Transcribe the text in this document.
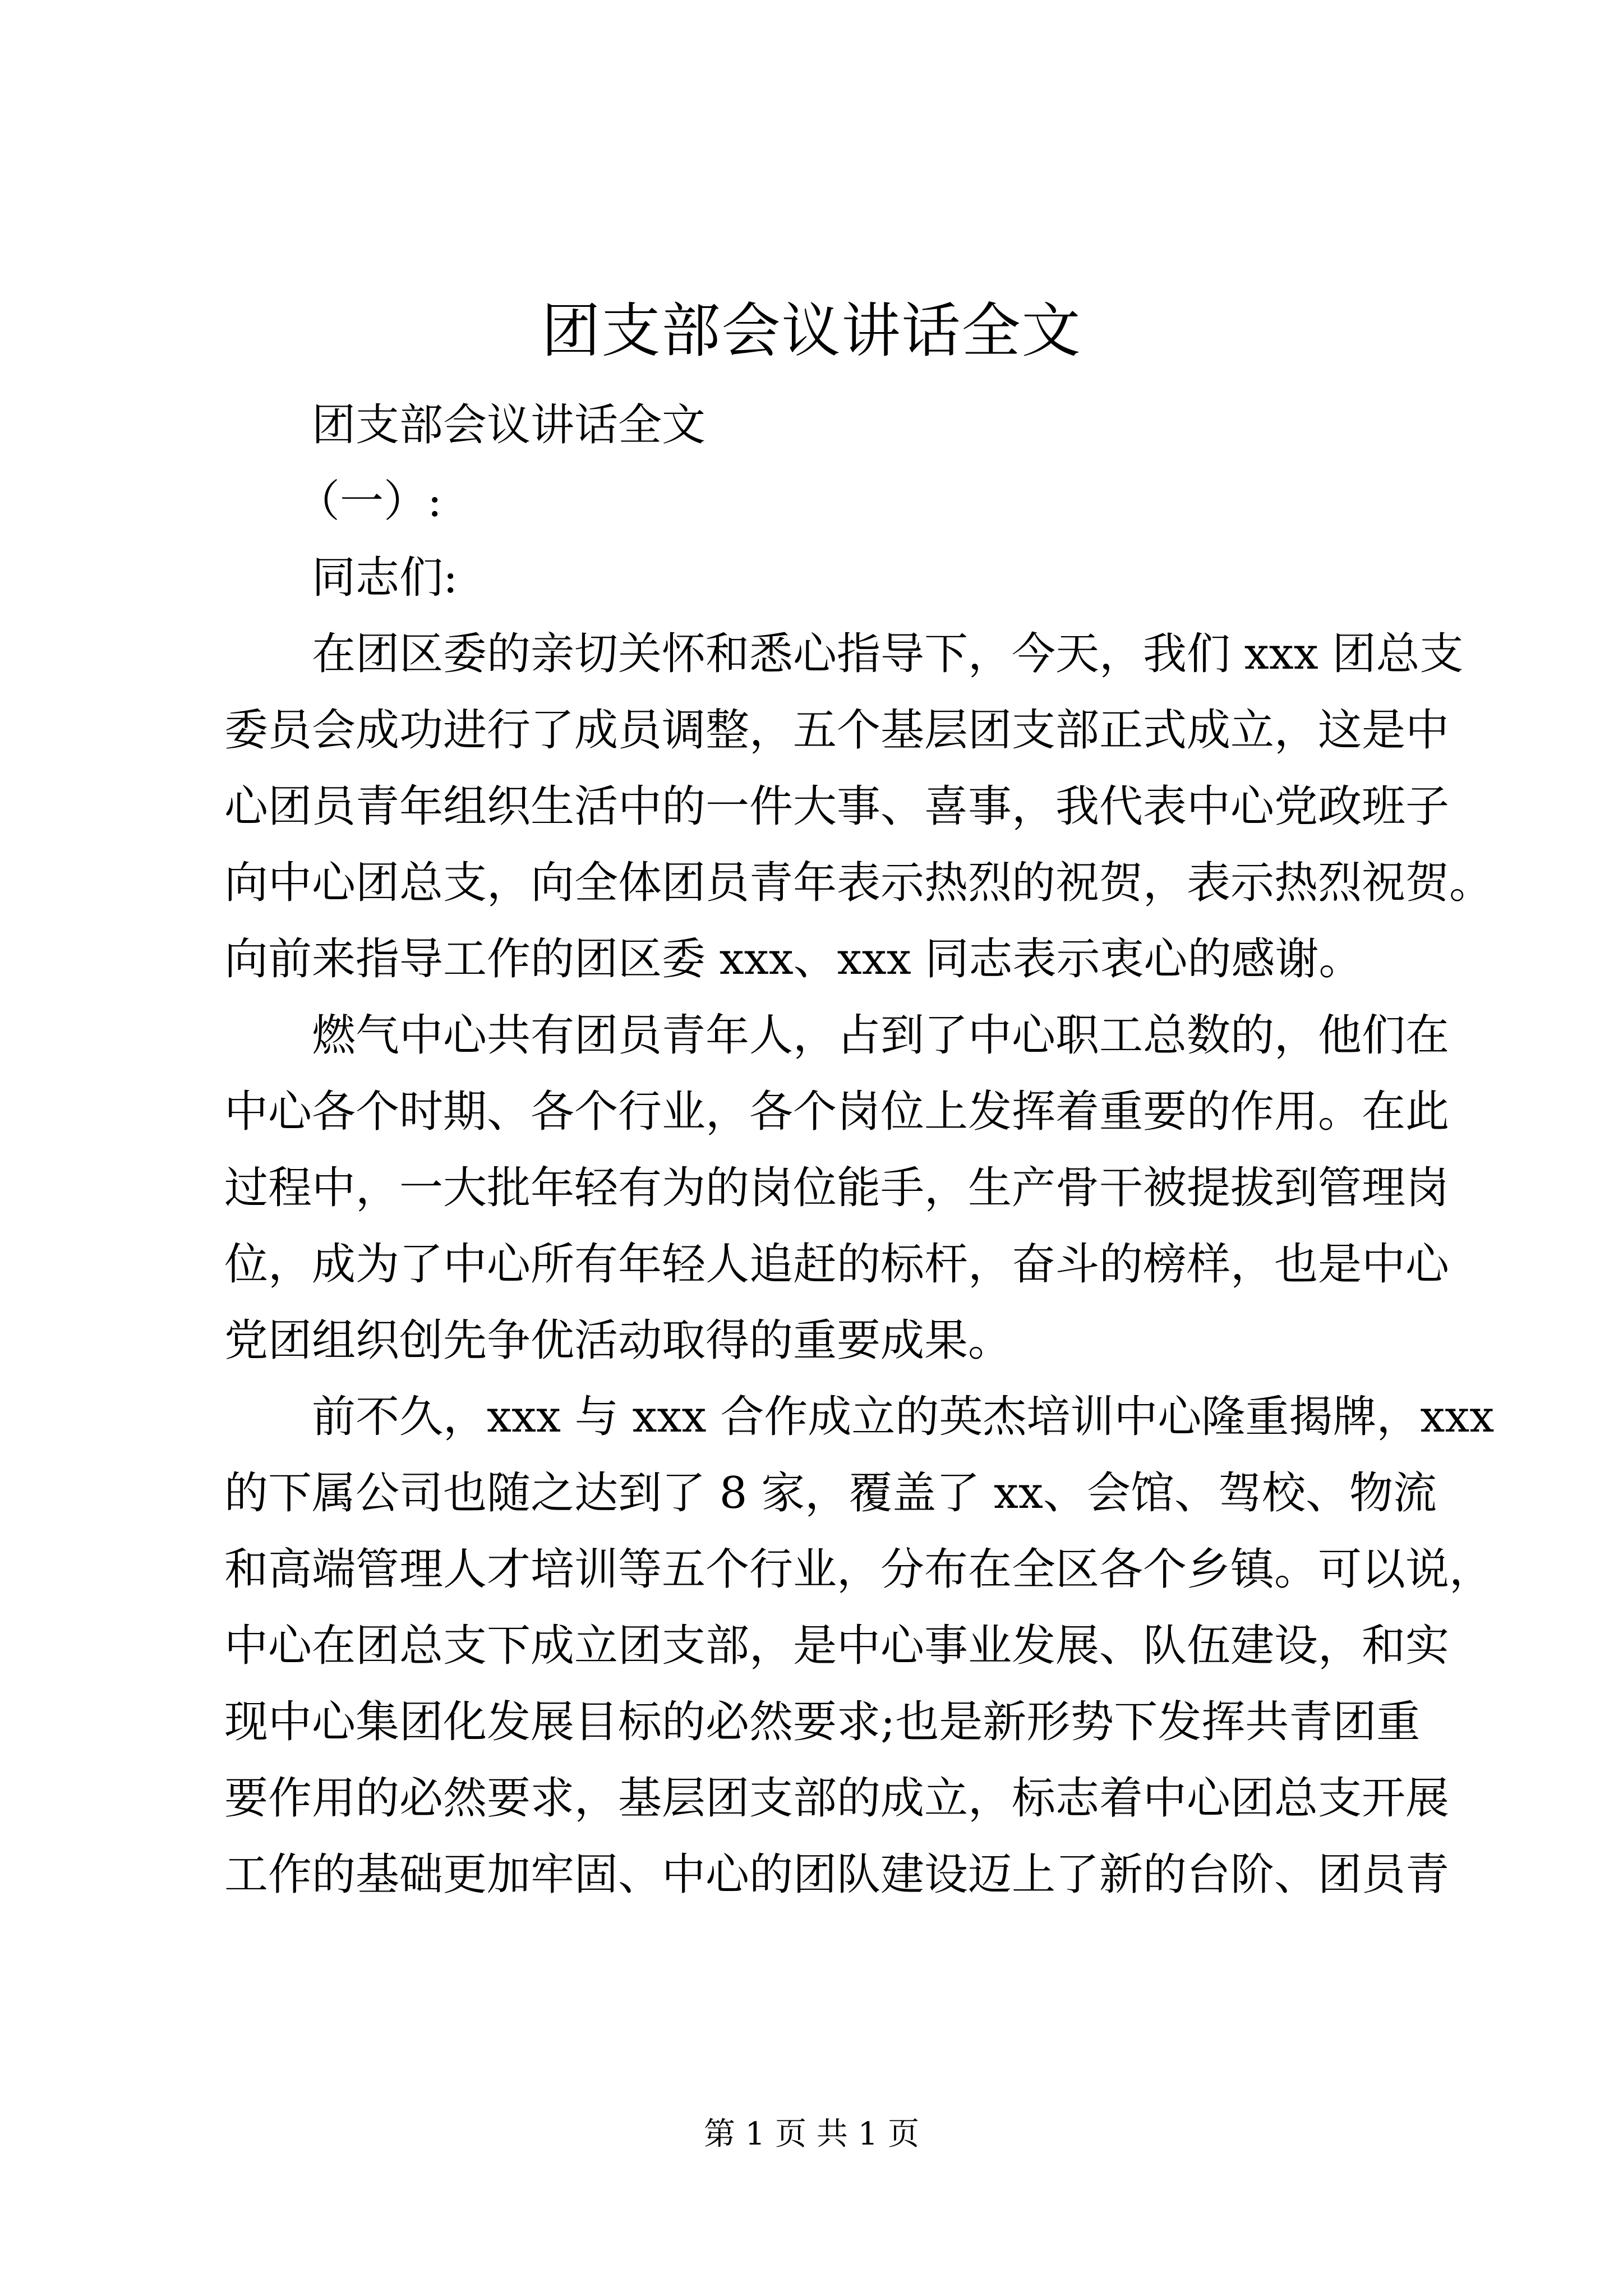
团支部会议讲话全文
团支部会议讲话全文
（一）:
同志们:
在团区委的亲切关怀和悉心指导下，今天，我们 xxx 团总支
委员会成功进行了成员调整，五个基层团支部正式成立，这是中
心团员青年组织生活中的一件大事、喜事，我代表中心党政班子
向中心团总支，向全体团员青年表示热烈的祝贺，表示热烈祝贺。
向前来指导工作的团区委 xxx、xxx 同志表示衷心的感谢。
燃气中心共有团员青年人，占到了中心职工总数的，他们在
中心各个时期、各个行业，各个岗位上发挥着重要的作用。在此
过程中，一大批年轻有为的岗位能手，生产骨干被提拔到管理岗
位，成为了中心所有年轻人追赶的标杆，奋斗的榜样，也是中心
党团组织创先争优活动取得的重要成果。
前不久，xxx 与 xxx 合作成立的英杰培训中心隆重揭牌，xxx
的下属公司也随之达到了 8 家，覆盖了 xx、会馆、驾校、物流
和高端管理人才培训等五个行业，分布在全区各个乡镇。可以说，
中心在团总支下成立团支部，是中心事业发展、队伍建设，和实
现中心集团化发展目标的必然要求;也是新形势下发挥共青团重
要作用的必然要求，基层团支部的成立，标志着中心团总支开展
工作的基础更加牢固、中心的团队建设迈上了新的台阶、团员青
第 1 页 共 1 页
